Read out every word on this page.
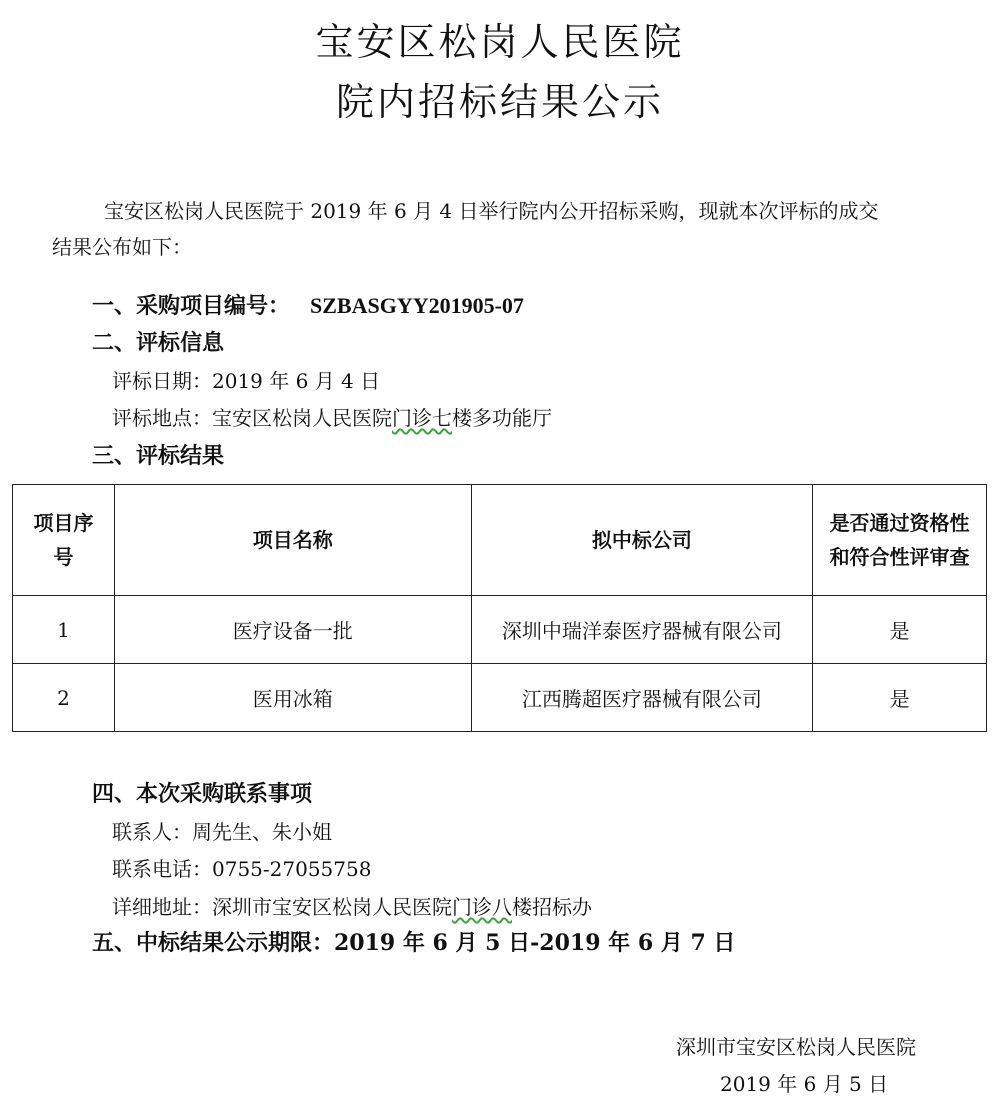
宝安区松岗人民医院
院内招标结果公示
宝安区松岗人民医院于 2019 年 6 月 4 日举行院内公开招标采购，现就本次评标的成交
结果公布如下：
一、采购项目编号： SZBASGYY201905-07
二、评标信息
评标日期：2019 年 6 月 4 日
评标地点：宝安区松岗人民医院门诊七楼多功能厅
三、评标结果
项目序号	项目名称	拟中标公司	是否通过资格性和符合性评审查
1	医疗设备一批	深圳中瑞洋泰医疗器械有限公司	是
2	医用冰箱	江西腾超医疗器械有限公司	是
四、本次采购联系事项
联系人：周先生、朱小姐
联系电话：0755-27055758
详细地址：深圳市宝安区松岗人民医院门诊八楼招标办
五、中标结果公示期限：2019 年 6 月 5 日-2019 年 6 月 7 日
深圳市宝安区松岗人民医院
2019 年 6 月 5 日
